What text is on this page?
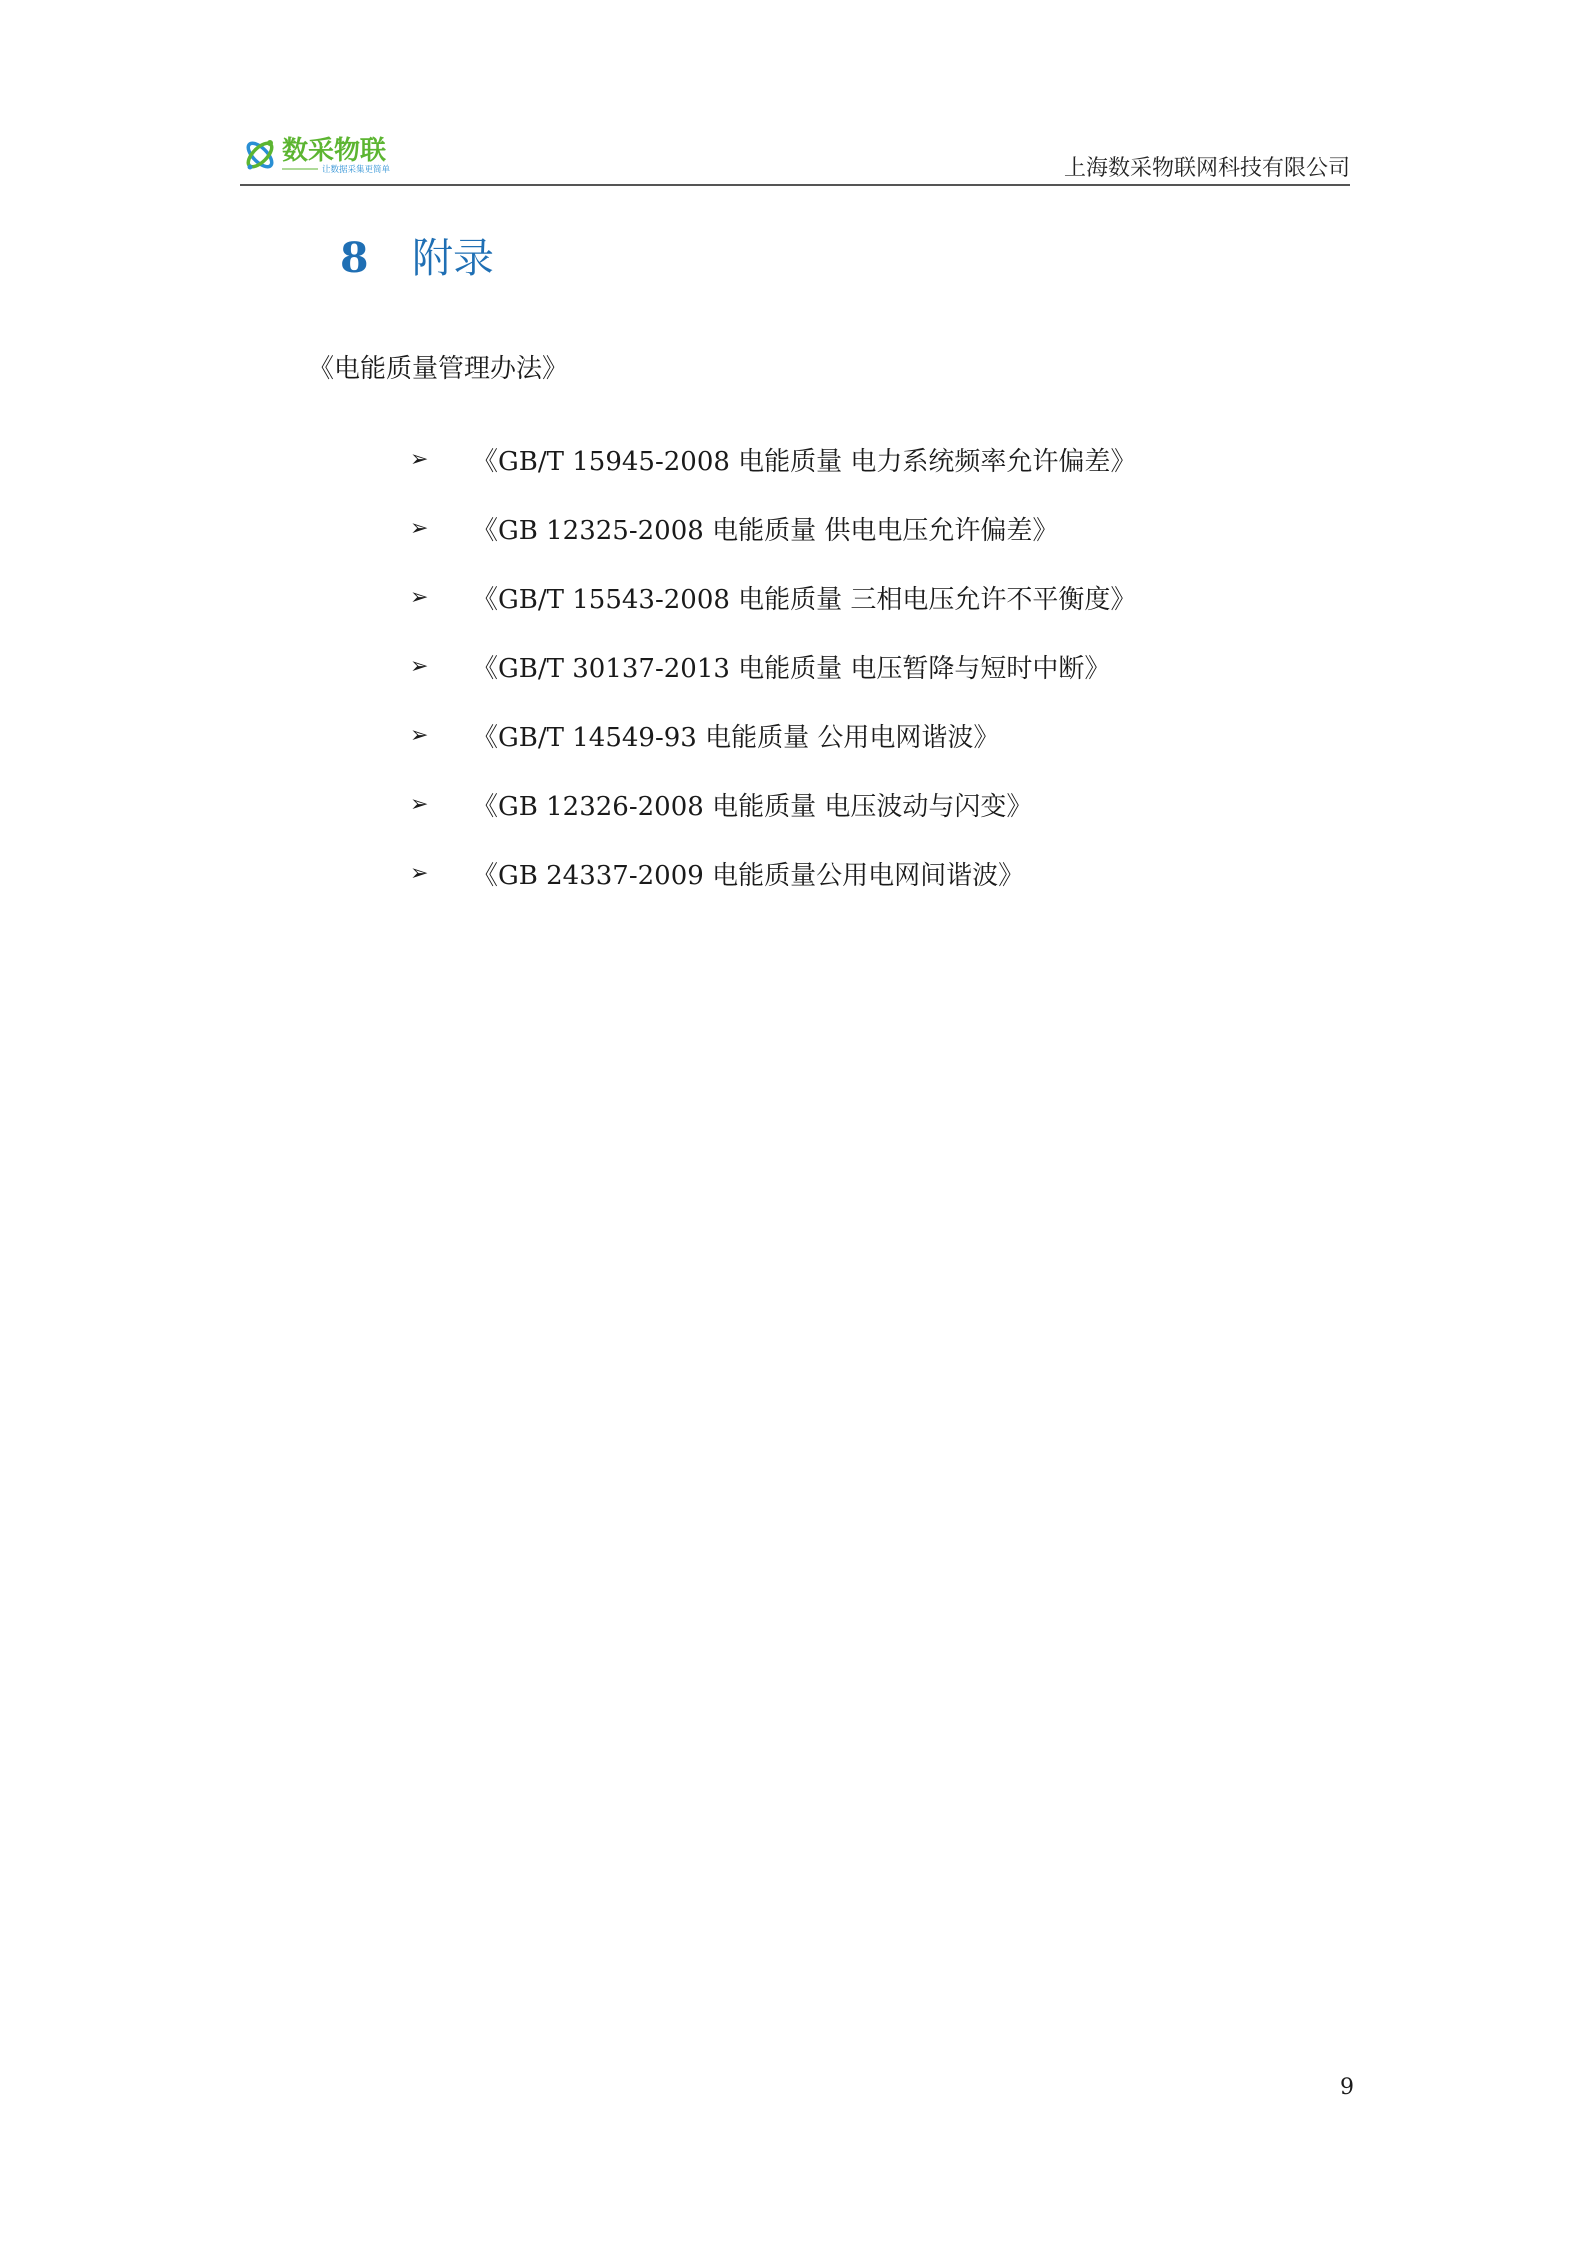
数采物联
让数据采集更简单	上海数采物联网科技有限公司
8 附录
《电能质量管理办法》
➢	《GB/T 15945-2008 电能质量 电力系统频率允许偏差》
➢	《GB 12325-2008 电能质量 供电电压允许偏差》
➢	《GB/T 15543-2008 电能质量 三相电压允许不平衡度》
➢	《GB/T 30137-2013 电能质量 电压暂降与短时中断》
➢	《GB/T 14549-93 电能质量 公用电网谐波》
➢	《GB 12326-2008 电能质量 电压波动与闪变》
➢	《GB 24337-2009 电能质量公用电网间谐波》
9
